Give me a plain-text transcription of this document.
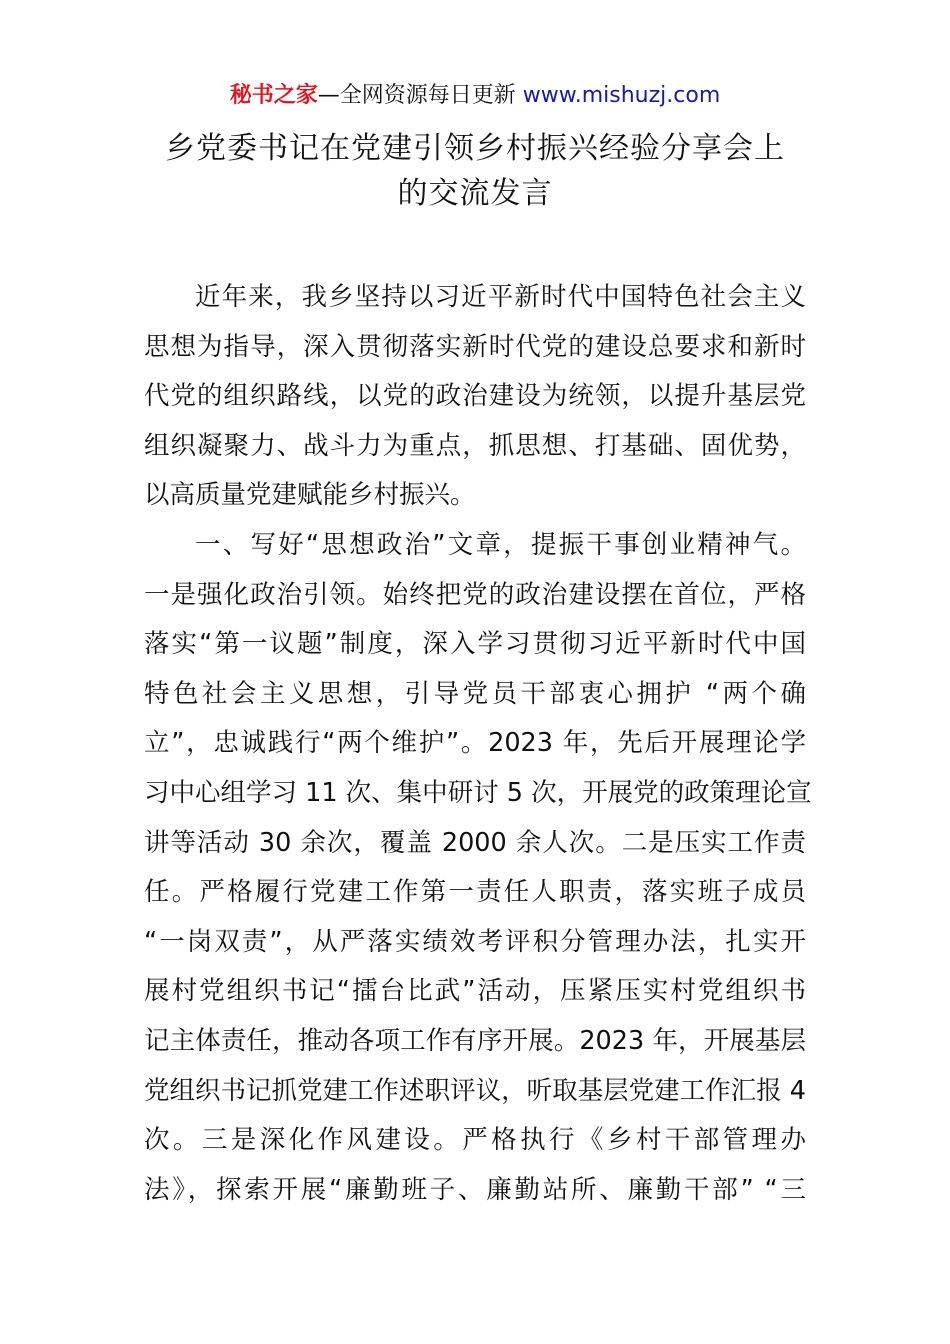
秘书之家—全网资源每日更新 www.mishuzj.com
乡党委书记在党建引领乡村振兴经验分享会上
的交流发言
近年来，我乡坚持以习近平新时代中国特色社会主义
思想为指导，深入贯彻落实新时代党的建设总要求和新时
代党的组织路线，以党的政治建设为统领，以提升基层党
组织凝聚力、战斗力为重点，抓思想、打基础、固优势，
以高质量党建赋能乡村振兴。
一、写好“思想政治”文章，提振干事创业精神气。
一是强化政治引领。始终把党的政治建设摆在首位，严格
落实“第一议题”制度，深入学习贯彻习近平新时代中国
特色社会主义思想，引导党员干部衷心拥护 “两个确
立”，忠诚践行“两个维护”。2023 年，先后开展理论学
习中心组学习 11 次、集中研讨 5 次，开展党的政策理论宣
讲等活动 30 余次，覆盖 2000 余人次。二是压实工作责
任。严格履行党建工作第一责任人职责，落实班子成员
“一岗双责”，从严落实绩效考评积分管理办法，扎实开
展村党组织书记“擂台比武”活动，压紧压实村党组织书
记主体责任，推动各项工作有序开展。2023 年，开展基层
党组织书记抓党建工作述职评议，听取基层党建工作汇报 4
次。三是深化作风建设。严格执行《乡村干部管理办
法》，探索开展“廉勤班子、廉勤站所、廉勤干部” “三
